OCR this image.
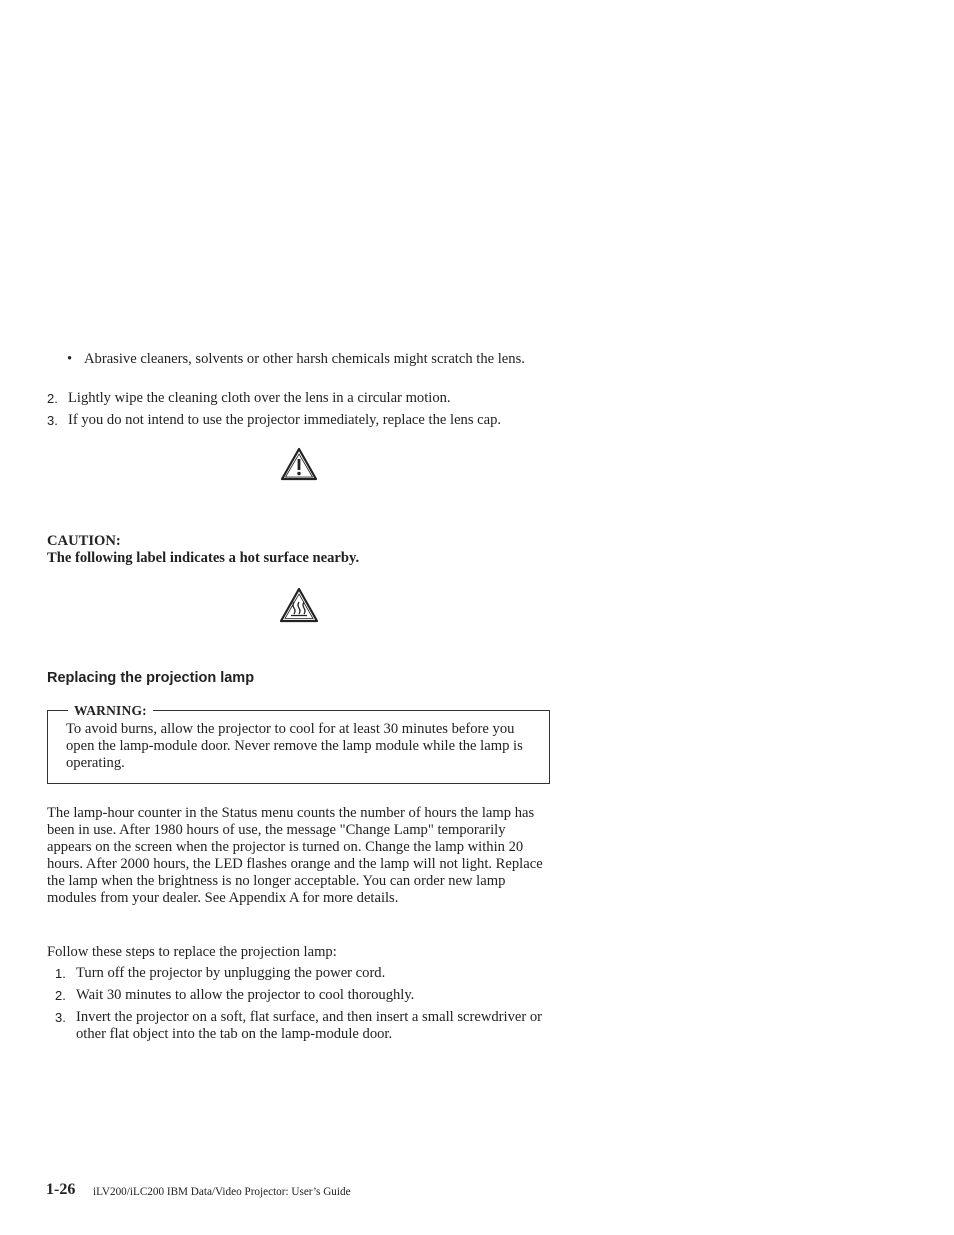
• Abrasive cleaners, solvents or other harsh chemicals might scratch the lens.
2. Lightly wipe the cleaning cloth over the lens in a circular motion.
3. If you do not intend to use the projector immediately, replace the lens cap.
CAUTION:
The following label indicates a hot surface nearby.
Replacing the projection lamp
WARNING:
To avoid burns, allow the projector to cool for at least 30 minutes before you open the lamp-module door. Never remove the lamp module while the lamp is operating.
The lamp-hour counter in the Status menu counts the number of hours the lamp has been in use. After 1980 hours of use, the message "Change Lamp" temporarily appears on the screen when the projector is turned on. Change the lamp within 20 hours. After 2000 hours, the LED flashes orange and the lamp will not light. Replace the lamp when the brightness is no longer acceptable. You can order new lamp modules from your dealer. See Appendix A for more details.
Follow these steps to replace the projection lamp:
1. Turn off the projector by unplugging the power cord.
2. Wait 30 minutes to allow the projector to cool thoroughly.
3. Invert the projector on a soft, flat surface, and then insert a small screwdriver or other flat object into the tab on the lamp-module door.
1-26 iLV200/iLC200 IBM Data/Video Projector: User’s Guide
